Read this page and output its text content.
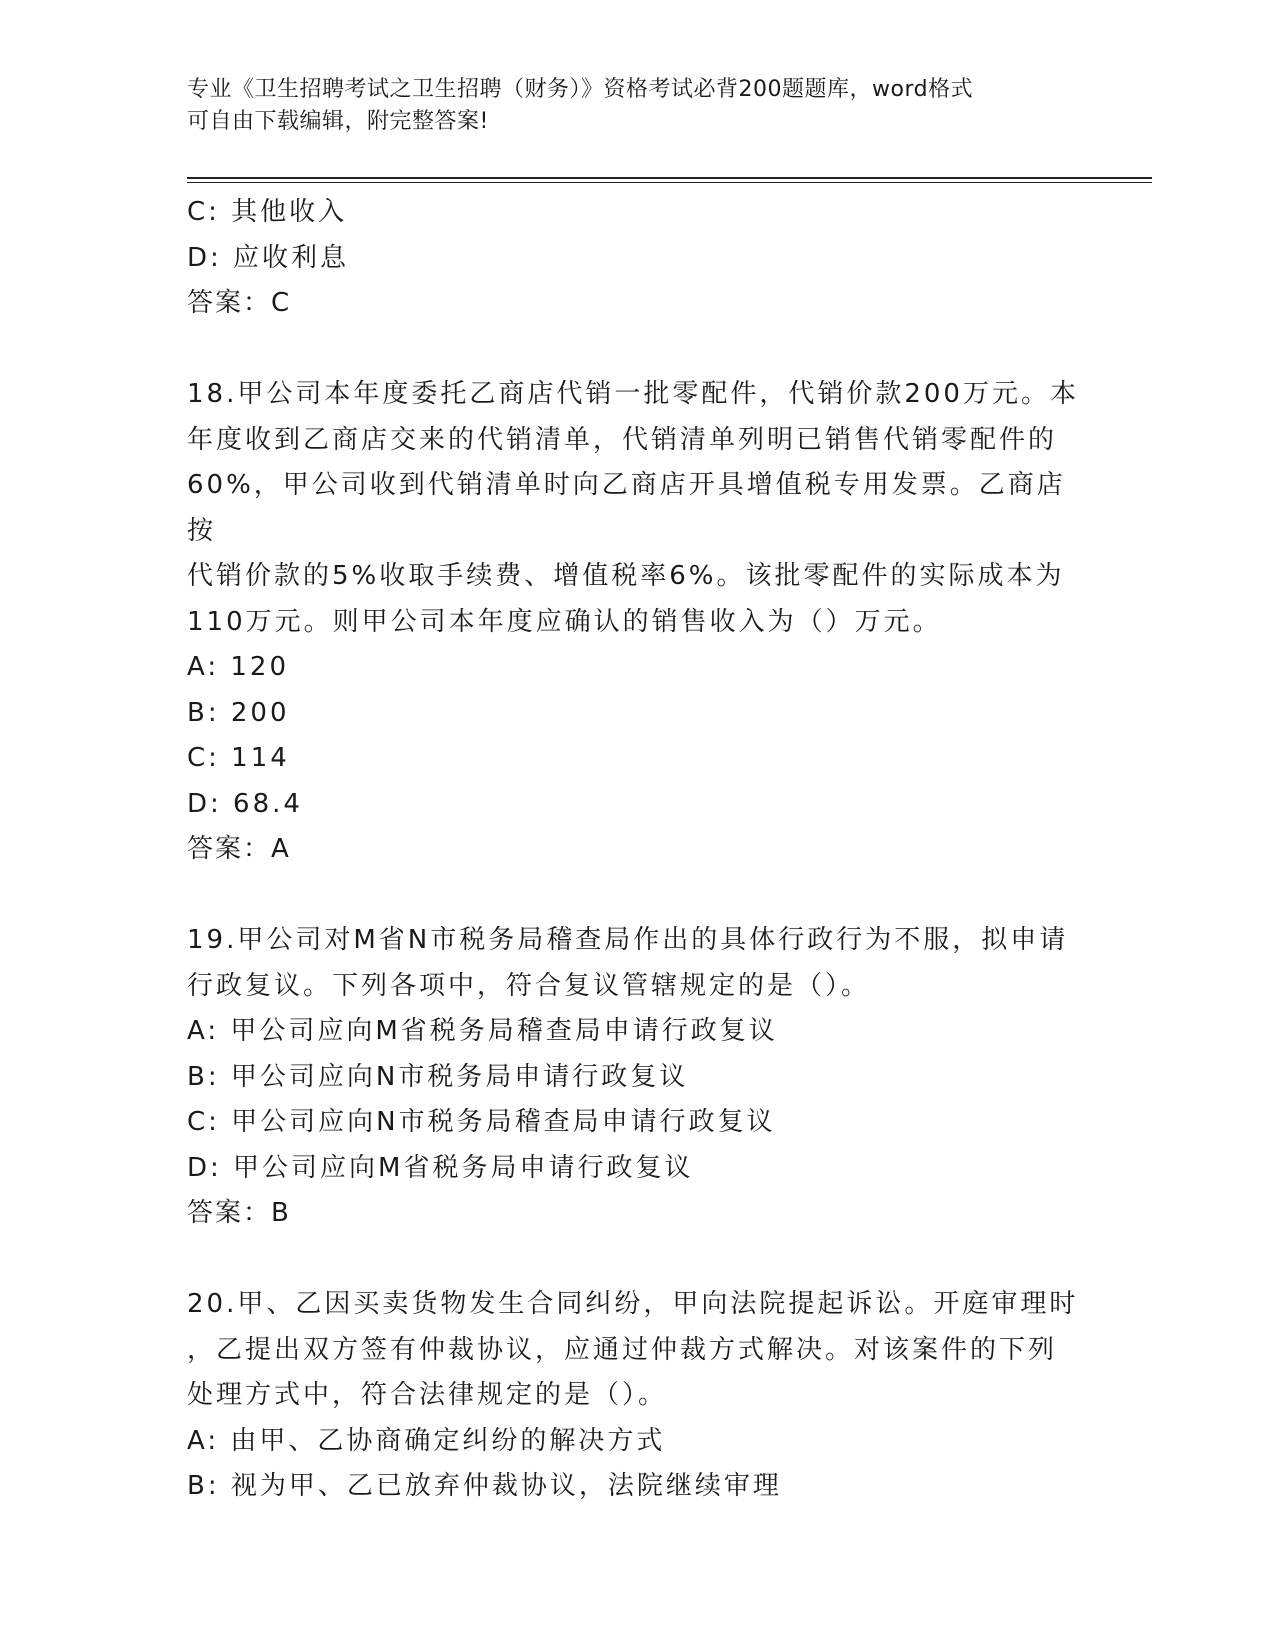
专业《卫生招聘考试之卫生招聘（财务）》资格考试必背200题题库，word格式
可自由下载编辑，附完整答案!
C: 其他收入
D: 应收利息
答案：C
18.甲公司本年度委托乙商店代销一批零配件，代销价款200万元。本
年度收到乙商店交来的代销清单，代销清单列明已销售代销零配件的
60%，甲公司收到代销清单时向乙商店开具增值税专用发票。乙商店按
代销价款的5%收取手续费、增值税率6%。该批零配件的实际成本为
110万元。则甲公司本年度应确认的销售收入为（）万元。
A: 120
B: 200
C: 114
D: 68.4
答案：A
19.甲公司对M省N市税务局稽查局作出的具体行政行为不服，拟申请
行政复议。下列各项中，符合复议管辖规定的是（）。
A: 甲公司应向M省税务局稽查局申请行政复议
B: 甲公司应向N市税务局申请行政复议
C: 甲公司应向N市税务局稽查局申请行政复议
D: 甲公司应向M省税务局申请行政复议
答案：B
20.甲、乙因买卖货物发生合同纠纷，甲向法院提起诉讼。开庭审理时
，乙提出双方签有仲裁协议，应通过仲裁方式解决。对该案件的下列
处理方式中，符合法律规定的是（）。
A: 由甲、乙协商确定纠纷的解决方式
B: 视为甲、乙已放弃仲裁协议，法院继续审理
